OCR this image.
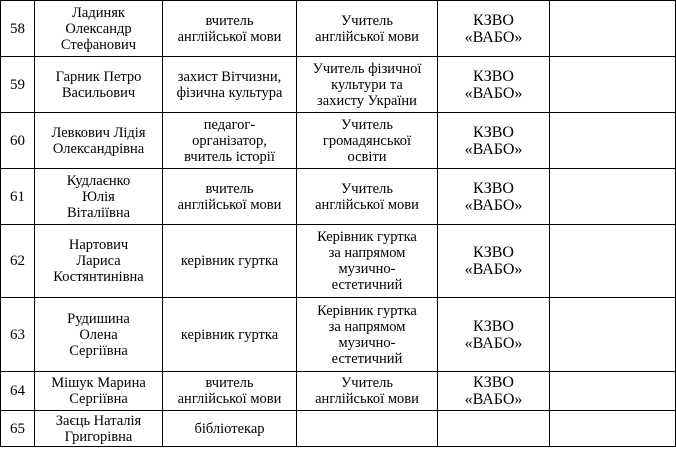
58	Ладиняк
Олександр
Стефанович	вчитель
англійської мови	Учитель
англійської мови	КЗВО
«ВАБО»	
59	Гарник Петро
Васильович	захист Вітчизни,
фізична культура	Учитель фізичної
культури та
захисту України	КЗВО
«ВАБО»	
60	Левкович Лідія
Олександрівна	педагог-
організатор,
вчитель історії	Учитель
громадянської
освіти	КЗВО
«ВАБО»	
61	Кудлаєнко
Юлія
Віталіївна	вчитель
англійської мови	Учитель
англійської мови	КЗВО
«ВАБО»	
62	Нартович
Лариса
Костянтинівна	керівник гуртка	Керівник гуртка
за напрямом
музично-
естетичний	КЗВО
«ВАБО»	
63	Рудишина
Олена
Сергіївна	керівник гуртка	Керівник гуртка
за напрямом
музично-
естетичний	КЗВО
«ВАБО»	
64	Мішук Марина
Сергіївна	вчитель
англійської мови	Учитель
англійської мови	КЗВО
«ВАБО»	
65	Заєць Наталія
Григорівна	бібліотекар			
